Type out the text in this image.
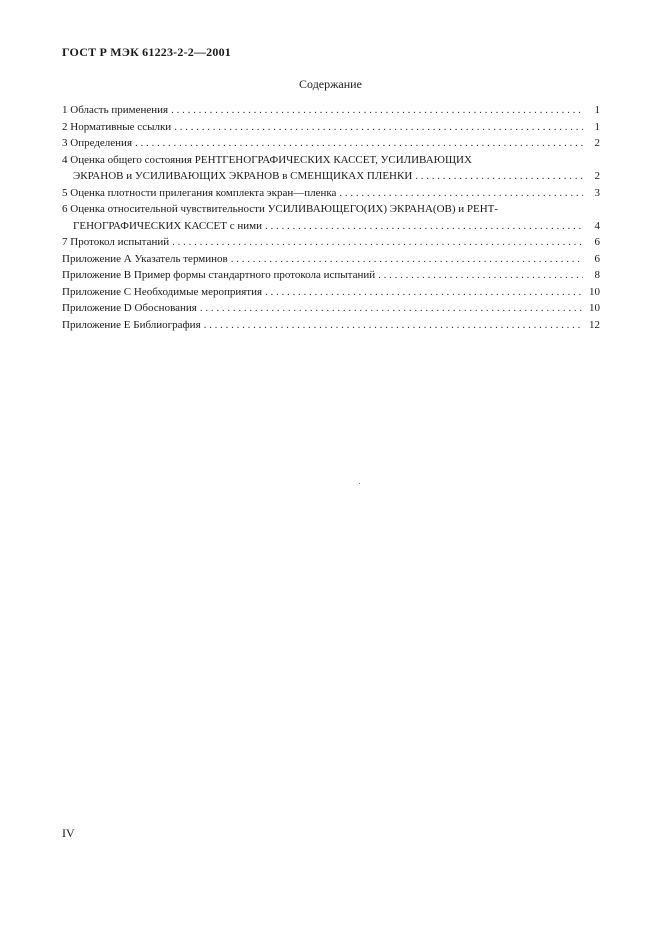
ГОСТ Р МЭК 61223-2-2—2001
Содержание
1 Область применения . . .	1
2 Нормативные ссылки . . .	1
3 Определения . . .	2
4 Оценка общего состояния РЕНТГЕНОГРАФИЧЕСКИХ КАССЕТ, УСИЛИВАЮЩИХ
ЭКРАНОВ и УСИЛИВАЮЩИХ ЭКРАНОВ в СМЕНЩИКАХ ПЛЕНКИ . . .	2
5 Оценка плотности прилегания комплекта экран—пленка . . .	3
6 Оценка относительной чувствительности УСИЛИВАЮЩЕГО(ИХ) ЭКРАНА(ОВ) и РЕНТ-
ГЕНОГРАФИЧЕСКИХ КАССЕТ с ними . . .	4
7 Протокол испытаний . . .	6
Приложение А Указатель терминов . . .	6
Приложение В Пример формы стандартного протокола испытаний . . .	8
Приложение С Необходимые мероприятия . . .	10
Приложение D Обоснования . . .	10
Приложение Е Библиография . . .	12
IV
